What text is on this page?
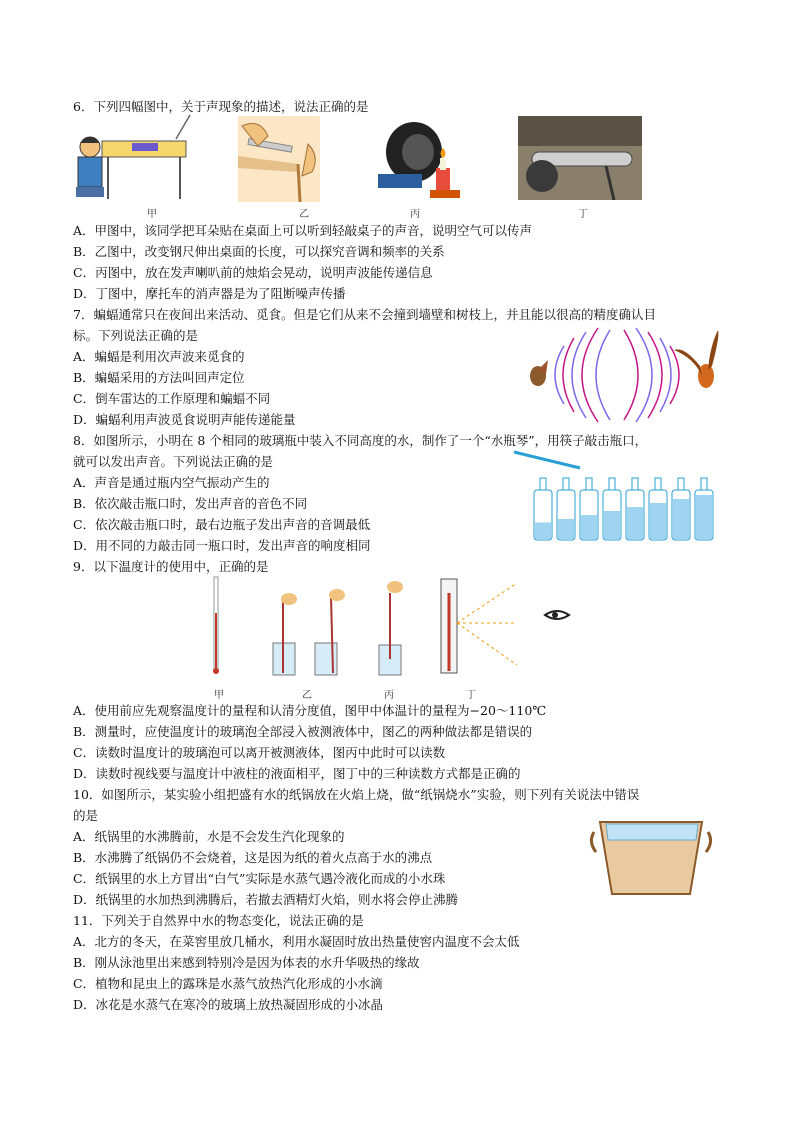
6．下列四幅图中，关于声现象的描述，说法正确的是
甲	乙	丙	丁
A．甲图中，该同学把耳朵贴在桌面上可以听到轻敲桌子的声音，说明空气可以传声
B．乙图中，改变钢尺伸出桌面的长度，可以探究音调和频率的关系
C．丙图中，放在发声喇叭前的烛焰会晃动，说明声波能传递信息
D．丁图中，摩托车的消声器是为了阻断噪声传播
7．蝙蝠通常只在夜间出来活动、觅食。但是它们从来不会撞到墙壁和树枝上，并且能以很高的精度确认目
标。下列说法正确的是
A．蝙蝠是利用次声波来觅食的
B．蝙蝠采用的方法叫回声定位
C．倒车雷达的工作原理和蝙蝠不同
D．蝙蝠利用声波觅食说明声能传递能量
8．如图所示，小明在 8 个相同的玻璃瓶中装入不同高度的水，制作了一个“水瓶琴”，用筷子敲击瓶口，
就可以发出声音。下列说法正确的是
A．声音是通过瓶内空气振动产生的
B．依次敲击瓶口时，发出声音的音色不同
C．依次敲击瓶口时，最右边瓶子发出声音的音调最低
D．用不同的力敲击同一瓶口时，发出声音的响度相同
9．以下温度计的使用中，正确的是
甲	乙	丙	丁
A．使用前应先观察温度计的量程和认清分度值，图甲中体温计的量程为−20～110℃
B．测量时，应使温度计的玻璃泡全部浸入被测液体中，图乙的两种做法都是错误的
C．读数时温度计的玻璃泡可以离开被测液体，图丙中此时可以读数
D．读数时视线要与温度计中液柱的液面相平，图丁中的三种读数方式都是正确的
10．如图所示，某实验小组把盛有水的纸锅放在火焰上烧，做“纸锅烧水”实验，则下列有关说法中错误
的是
A．纸锅里的水沸腾前，水是不会发生汽化现象的
B．水沸腾了纸锅仍不会烧着，这是因为纸的着火点高于水的沸点
C．纸锅里的水上方冒出“白气”实际是水蒸气遇冷液化而成的小水珠
D．纸锅里的水加热到沸腾后，若撤去酒精灯火焰，则水将会停止沸腾
11．下列关于自然界中水的物态变化，说法正确的是
A．北方的冬天，在菜窖里放几桶水，利用水凝固时放出热量使窖内温度不会太低
B．刚从泳池里出来感到特别冷是因为体表的水升华吸热的缘故
C．植物和昆虫上的露珠是水蒸气放热汽化形成的小水滴
D．冰花是水蒸气在寒冷的玻璃上放热凝固形成的小冰晶
